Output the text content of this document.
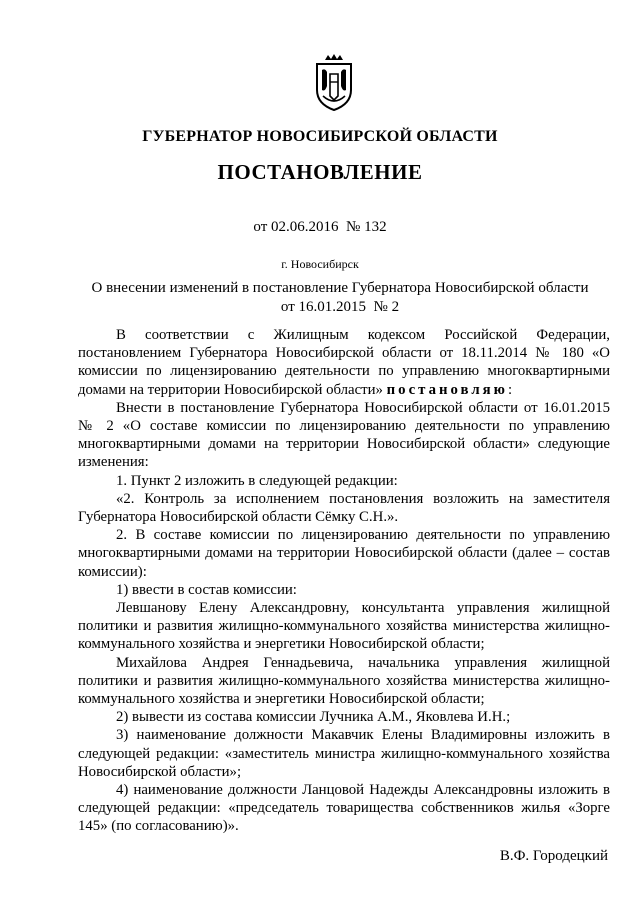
ГУБЕРНАТОР НОВОСИБИРСКОЙ ОБЛАСТИ
ПОСТАНОВЛЕНИЕ
от 02.06.2016  № 132
г. Новосибирск
О внесении изменений в постановление Губернатора Новосибирской области
от 16.01.2015  № 2

В соответствии с Жилищным кодексом Российской Федерации, постановлением Губернатора Новосибирской области от 18.11.2014 № 180 «О комиссии по лицензированию деятельности по управлению многоквартирными домами на территории Новосибирской области» постановляю:

Внести в постановление Губернатора Новосибирской области от 16.01.2015 № 2 «О составе комиссии по лицензированию деятельности по управлению многоквартирными домами на территории Новосибирской области» следующие изменения:

1. Пункт 2 изложить в следующей редакции:

«2. Контроль за исполнением постановления возложить на заместителя Губернатора Новосибирской области Сёмку С.Н.».

2. В составе комиссии по лицензированию деятельности по управлению многоквартирными домами на территории Новосибирской области (далее – состав комиссии):

1) ввести в состав комиссии:

Левшанову Елену Александровну, консультанта управления жилищной политики и развития жилищно-коммунального хозяйства министерства жилищно-коммунального хозяйства и энергетики Новосибирской области;

Михайлова Андрея Геннадьевича, начальника управления жилищной политики и развития жилищно-коммунального хозяйства министерства жилищно-коммунального хозяйства и энергетики Новосибирской области;

2) вывести из состава комиссии Лучника А.М., Яковлева И.Н.;

3) наименование должности Макавчик Елены Владимировны изложить в следующей редакции: «заместитель министра жилищно-коммунального хозяйства Новосибирской области»;

4) наименование должности Ланцовой Надежды Александровны изложить в следующей редакции: «председатель товарищества собственников жилья «Зорге 145» (по согласованию)».

В.Ф. Городецкий
